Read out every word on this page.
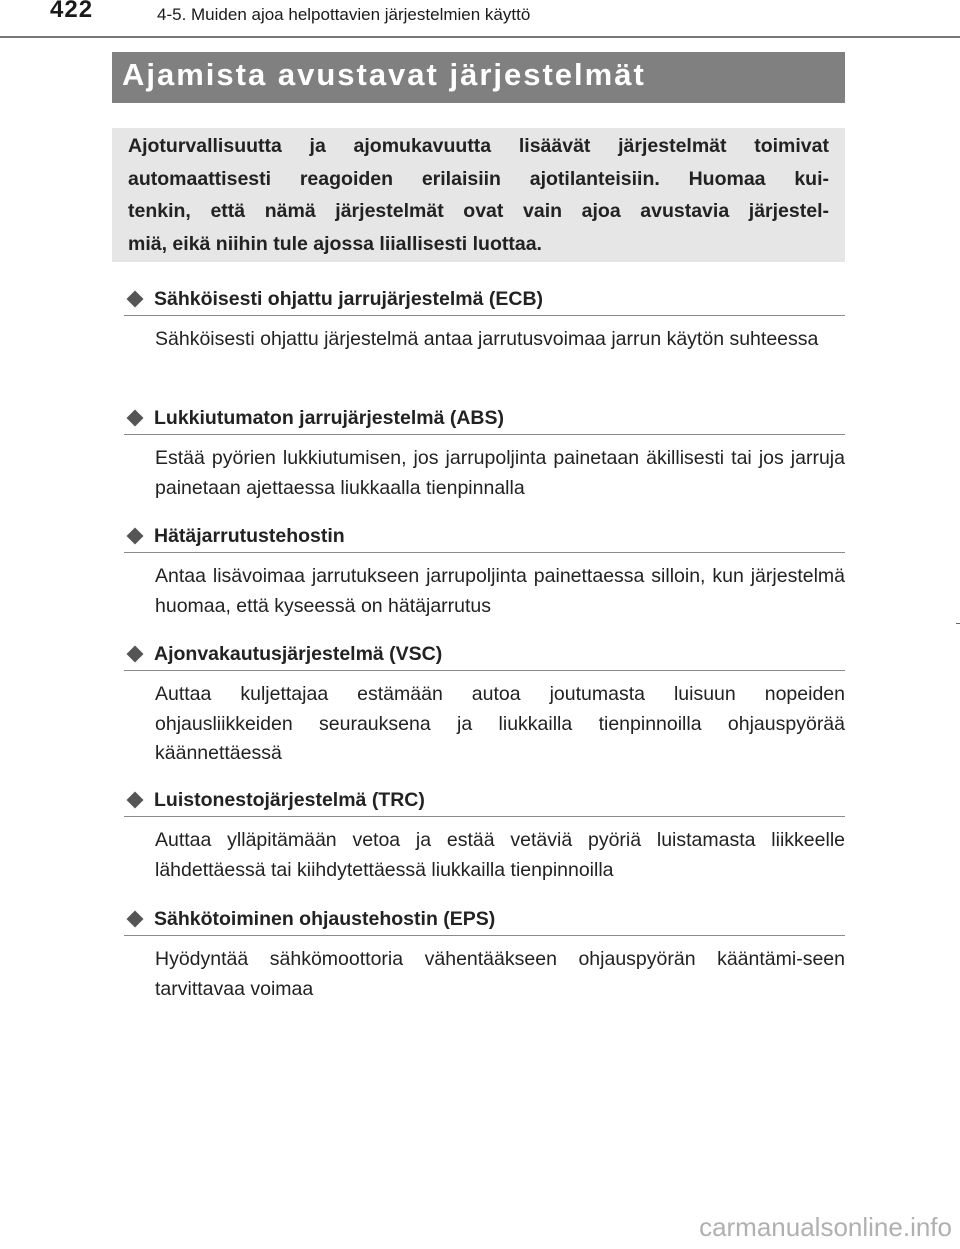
422	4-5. Muiden ajoa helpottavien järjestelmien käyttö
Ajamista avustavat järjestelmät

Ajoturvallisuutta ja ajomukavuutta lisäävät järjestelmät toimivat
automaattisesti reagoiden erilaisiin ajotilanteisiin. Huomaa kui-
tenkin, että nämä järjestelmät ovat vain ajoa avustavia järjestel-
miä, eikä niihin tule ajossa liiallisesti luottaa.

Sähköisesti ohjattu jarrujärjestelmä (ECB)
Sähköisesti ohjattu järjestelmä antaa jarrutusvoimaa jarrun käytön suhteessa
Lukkiutumaton jarrujärjestelmä (ABS)
Estää pyörien lukkiutumisen, jos jarrupoljinta painetaan äkillisesti tai jos jarruja painetaan ajettaessa liukkaalla tienpinnalla
Hätäjarrutustehostin
Antaa lisävoimaa jarrutukseen jarrupoljinta painettaessa silloin, kun järjestelmä huomaa, että kyseessä on hätäjarrutus
Ajonvakautusjärjestelmä (VSC)
Auttaa kuljettajaa estämään autoa joutumasta luisuun nopeiden ohjausliikkeiden seurauksena ja liukkailla tienpinnoilla ohjauspyörää käännettäessä
Luistonestojärjestelmä (TRC)
Auttaa ylläpitämään vetoa ja estää vetäviä pyöriä luistamasta liikkeelle lähdettäessä tai kiihdytettäessä liukkailla tienpinnoilla
Sähkötoiminen ohjaustehostin (EPS)
Hyödyntää sähkömoottoria vähentääkseen ohjauspyörän kääntämi-seen tarvittavaa voimaa
carmanualsonline.info
